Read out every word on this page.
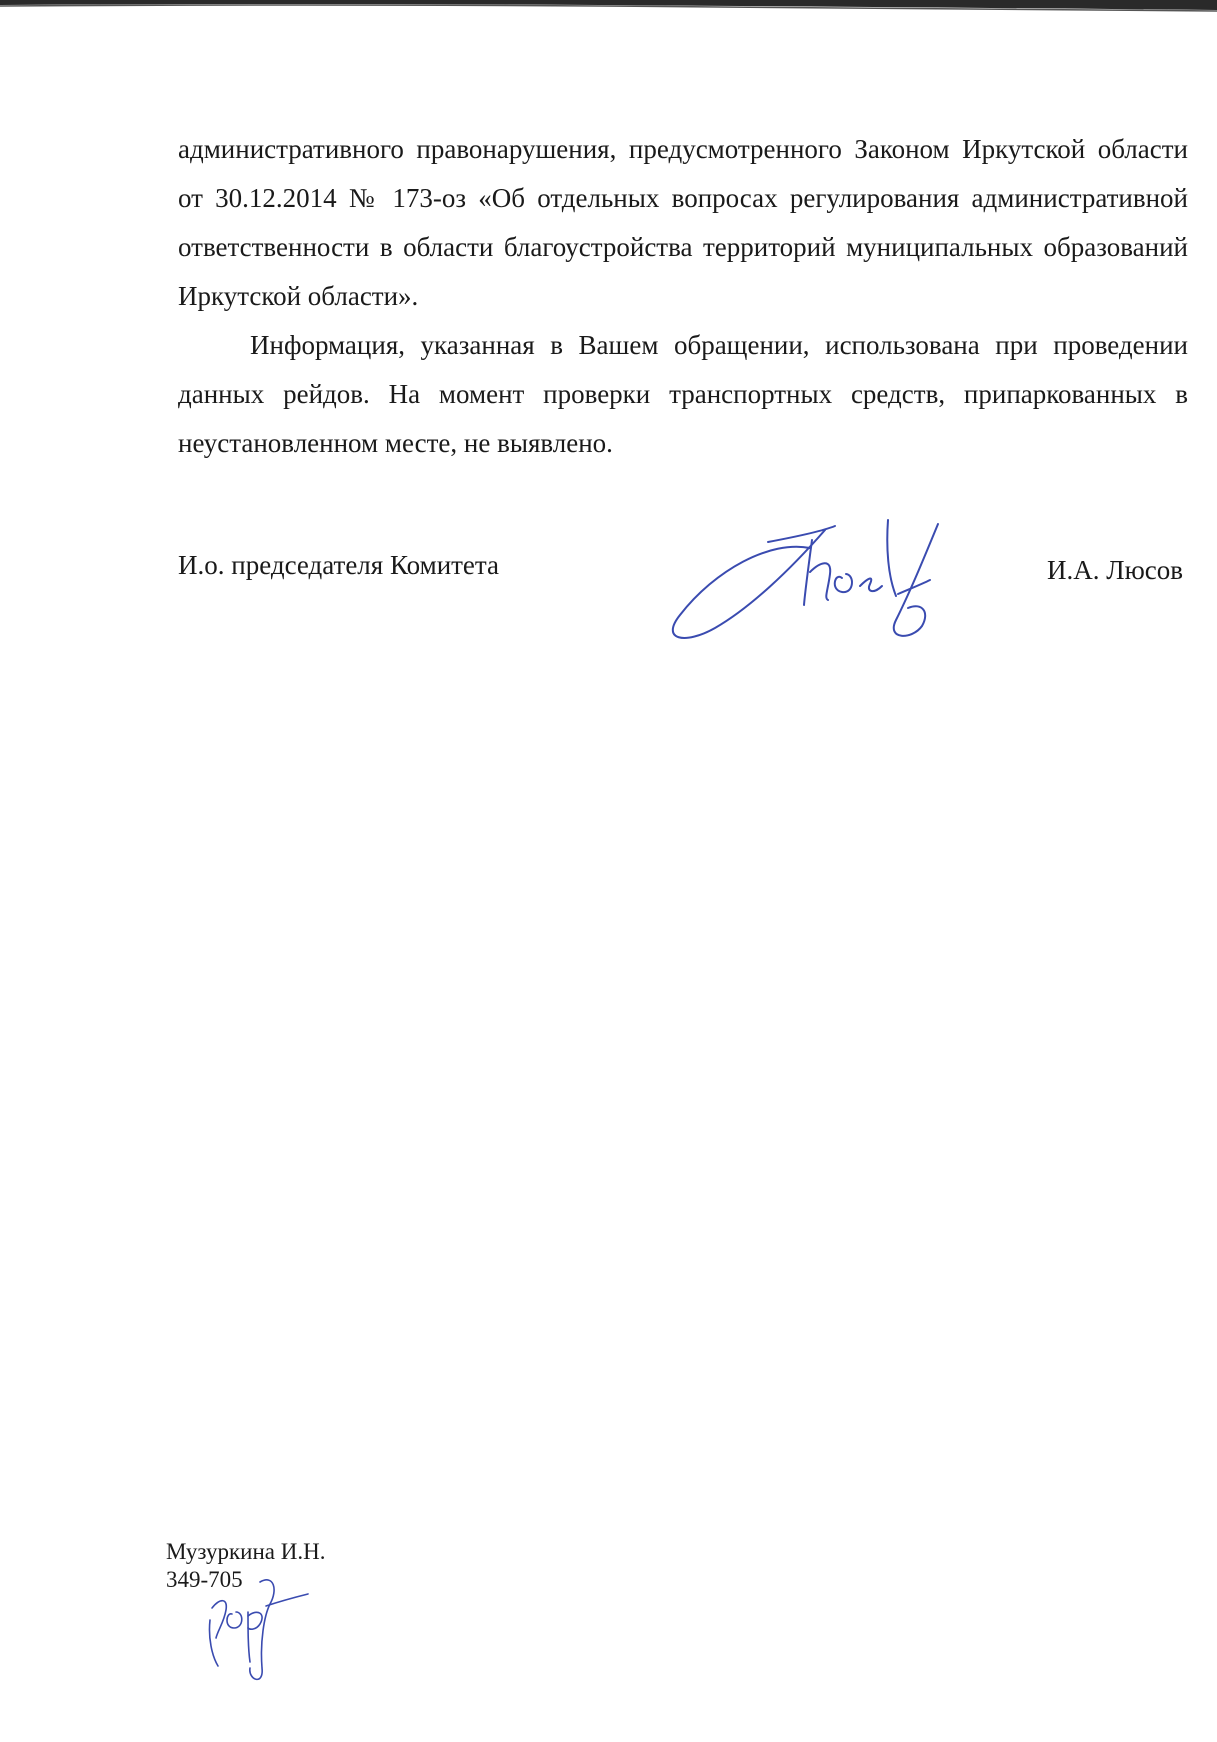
административного правонарушения, предусмотренного Законом Иркутской области от 30.12.2014 № 173-оз «Об отдельных вопросах регулирования административной ответственности в области благоустройства территорий муниципальных образований Иркутской области».

Информация, указанная в Вашем обращении, использована при проведении данных рейдов. На момент проверки транспортных средств, припаркованных в неустановленном месте, не выявлено.

И.о. председателя Комитета	И.А. Люсов
Музуркина И.Н.
349-705
